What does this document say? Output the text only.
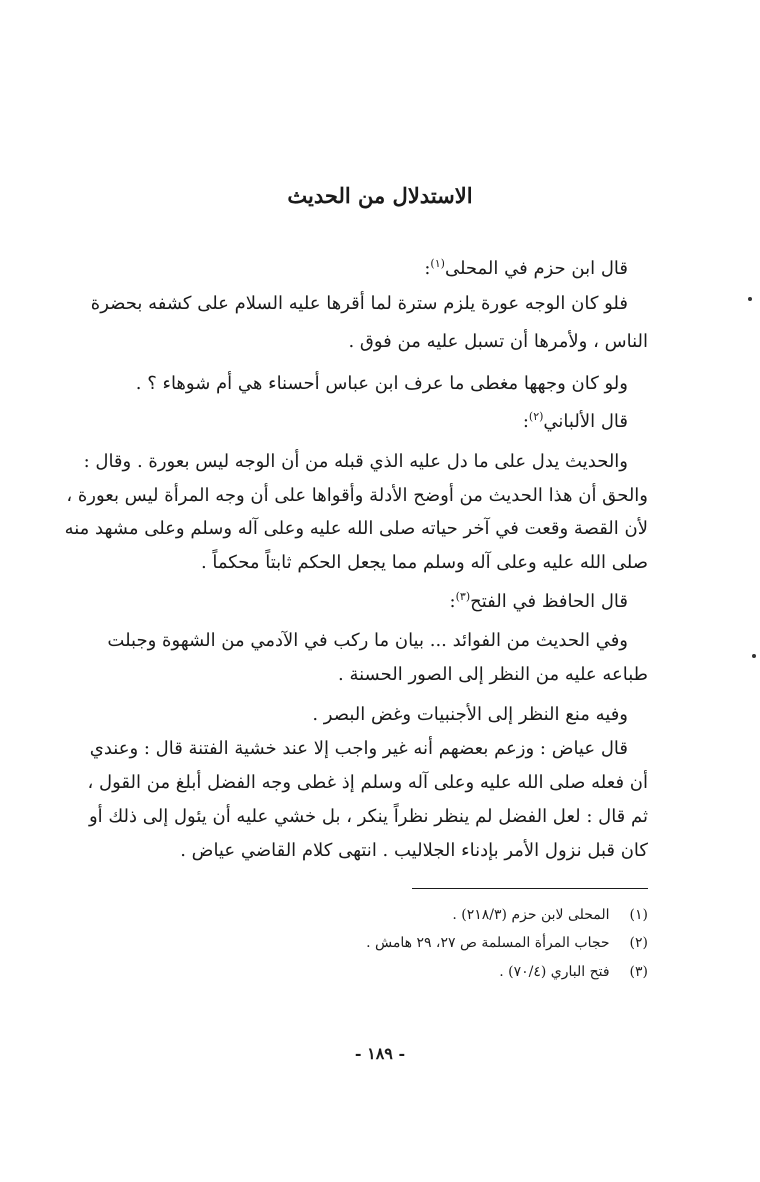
الاستدلال من الحديث
قال ابن حزم في المحلى$^{(١)}$:
فلو كان الوجه عورة يلزم سترة لما أقرها عليه السلام على كشفه بحضرة
الناس ، ولأمرها أن تسبل عليه من فوق .
ولو كان وجهها مغطى ما عرف ابن عباس أحسناء هي أم شوهاء ؟ .
قال الألباني$^{(٢)}$:
والحديث يدل على ما دل عليه الذي قبله من أن الوجه ليس بعورة . وقال :
والحق أن هذا الحديث من أوضح الأدلة وأقواها على أن وجه المرأة ليس بعورة ،
لأن القصة وقعت في آخر حياته صلى الله عليه وعلى آله وسلم وعلى مشهد منه
صلى الله عليه وعلى آله وسلم مما يجعل الحكم ثابتاً محكماً .
قال الحافظ في الفتح$^{(٣)}$:
وفي الحديث من الفوائد ... بيان ما ركب في الآدمي من الشهوة وجبلت
طباعه عليه من النظر إلى الصور الحسنة .
وفيه منع النظر إلى الأجنبيات وغض البصر .
قال عياض : وزعم بعضهم أنه غير واجب إلا عند خشية الفتنة قال : وعندي
أن فعله صلى الله عليه وعلى آله وسلم إذ غطى وجه الفضل أبلغ من القول ،
ثم قال : لعل الفضل لم ينظر نظراً ينكر ، بل خشي عليه أن يئول إلى ذلك أو
كان قبل نزول الأمر بإدناء الجلاليب . انتهى كلام القاضي عياض .
(١) المحلى لابن حزم (٢١٨/٣) .
(٢) حجاب المرأة المسلمة ص ٢٧، ٢٩ هامش .
(٣) فتح الباري (٧٠/٤) .
- ١٨٩ -
